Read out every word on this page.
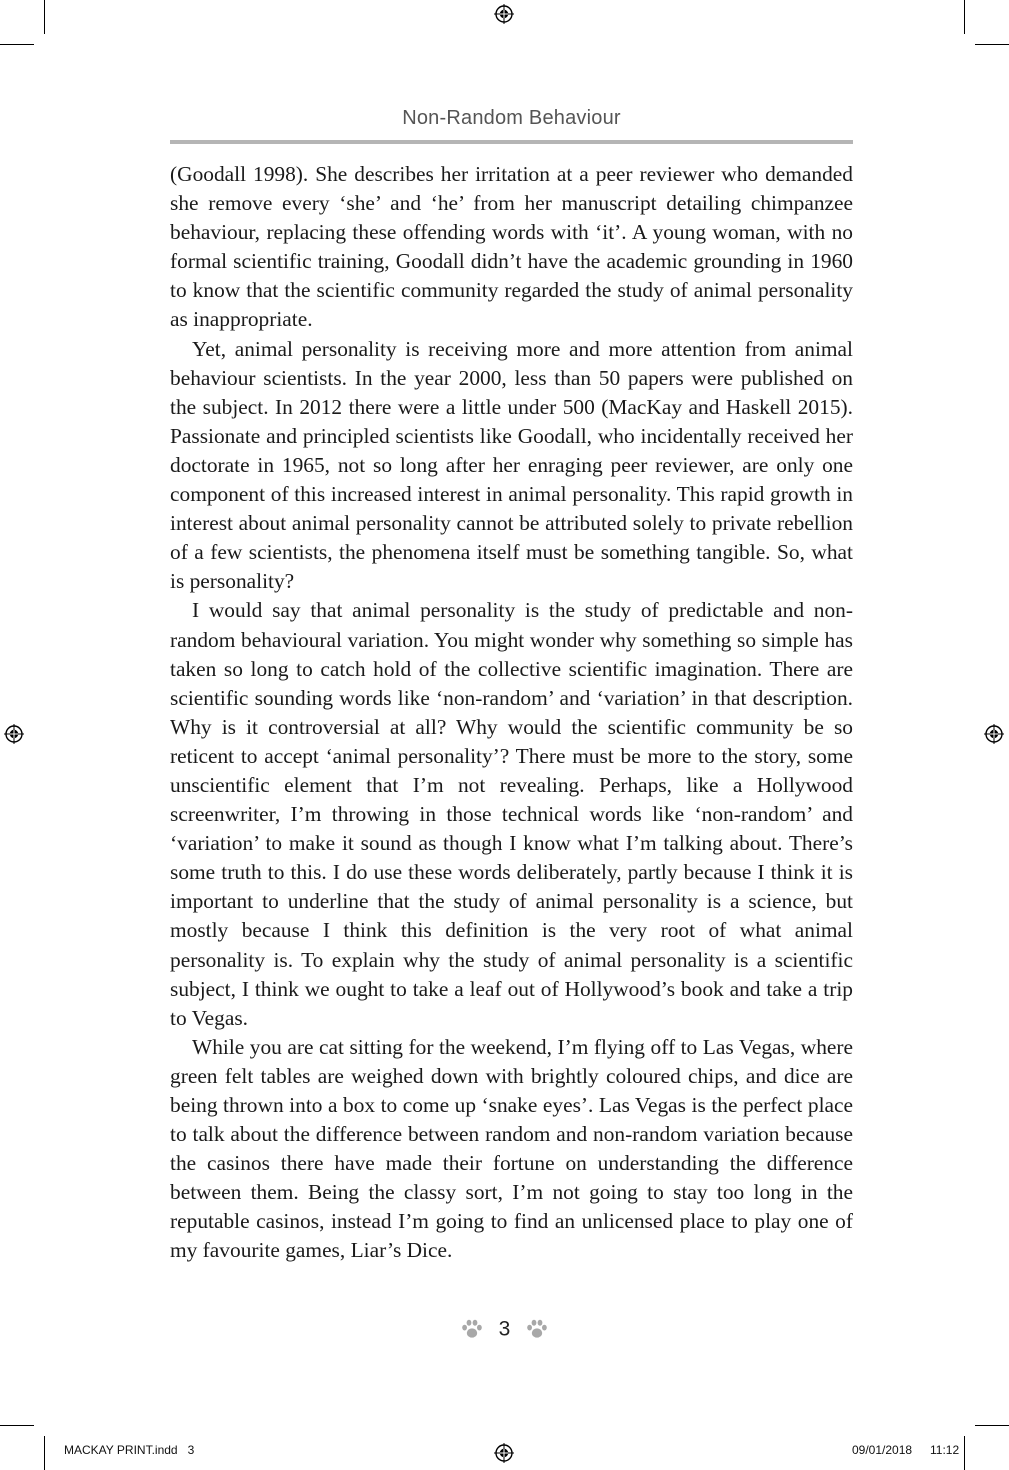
Non-Random Behaviour

(Goodall 1998). She describes her irritation at a peer reviewer who demanded she remove every ‘she’ and ‘he’ from her manuscript detailing chimpanzee behaviour, replacing these offending words with ‘it’. A young woman, with no formal scientific training, Goodall didn’t have the academic grounding in 1960 to know that the scientific community regarded the study of animal personality as inappropriate.

Yet, animal personality is receiving more and more attention from animal behaviour scientists. In the year 2000, less than 50 papers were published on the subject. In 2012 there were a little under 500 (MacKay and Haskell 2015). Passionate and principled scientists like Goodall, who incidentally received her doctorate in 1965, not so long after her enraging peer reviewer, are only one component of this increased interest in animal personality. This rapid growth in interest about animal personality cannot be attributed solely to private rebellion of a few scientists, the phenomena itself must be something tangible. So, what is personality?

I would say that animal personality is the study of predictable and non-random behavioural variation. You might wonder why something so simple has taken so long to catch hold of the collective scientific imagination. There are scientific sounding words like ‘non-random’ and ‘variation’ in that description. Why is it controversial at all? Why would the scientific community be so reticent to accept ‘animal personality’? There must be more to the story, some unscientific element that I’m not revealing. Perhaps, like a Hollywood screenwriter, I’m throwing in those technical words like ‘non-random’ and ‘variation’ to make it sound as though I know what I’m talking about. There’s some truth to this. I do use these words deliberately, partly because I think it is important to underline that the study of animal personality is a science, but mostly because I think this definition is the very root of what animal personality is. To explain why the study of animal personality is a scientific subject, I think we ought to take a leaf out of Hollywood’s book and take a trip to Vegas.

While you are cat sitting for the weekend, I’m flying off to Las Vegas, where green felt tables are weighed down with brightly coloured chips, and dice are being thrown into a box to come up ‘snake eyes’. Las Vegas is the perfect place to talk about the difference between random and non-random variation because the casinos there have made their fortune on understanding the difference between them. Being the classy sort, I’m not going to stay too long in the reputable casinos, instead I’m going to find an unlicensed place to play one of my favourite games, Liar’s Dice.

3
MACKAY PRINT.indd   3	09/01/2018 11:12
